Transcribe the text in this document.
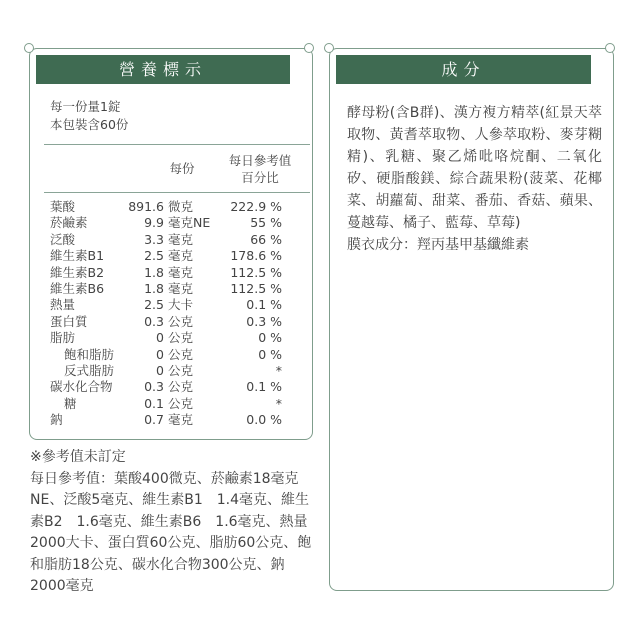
營養標示
每一份量1錠
本包裝含60份
每份
每日參考值
百分比
葉酸	891.6 微克	222.9 %
菸鹼素	9.9 毫克NE	55 %
泛酸	3.3 毫克	66 %
維生素B1	2.5 毫克	178.6 %
維生素B2	1.8 毫克	112.5 %
維生素B6	1.8 毫克	112.5 %
熱量	2.5 大卡	0.1 %
蛋白質	0.3 公克	0.3 %
脂肪	0 公克	0 %
飽和脂肪	0 公克	0 %
反式脂肪	0 公克	*
碳水化合物	0.3 公克	0.1 %
糖	0.1 公克	*
鈉	0.7 毫克	0.0 %
※參考值未訂定
每日參考值：葉酸400微克、菸鹼素18毫克NE、泛酸5毫克、維生素B1　1.4毫克、維生素B2　1.6毫克、維生素B6　1.6毫克、熱量2000大卡、蛋白質60公克、脂肪60公克、飽和脂肪18公克、碳水化合物300公克、鈉2000毫克
成分
酵母粉(含B群)、漢方複方精萃(紅景天萃取物、黃耆萃取物、人參萃取粉、麥芽糊精)、乳糖、聚乙烯吡咯烷酮、二氧化矽、硬脂酸鎂、綜合蔬果粉(菠菜、花椰菜、胡蘿蔔、甜菜、番茄、香菇、蘋果、蔓越莓、橘子、藍莓、草莓)
膜衣成分：羥丙基甲基纖維素
